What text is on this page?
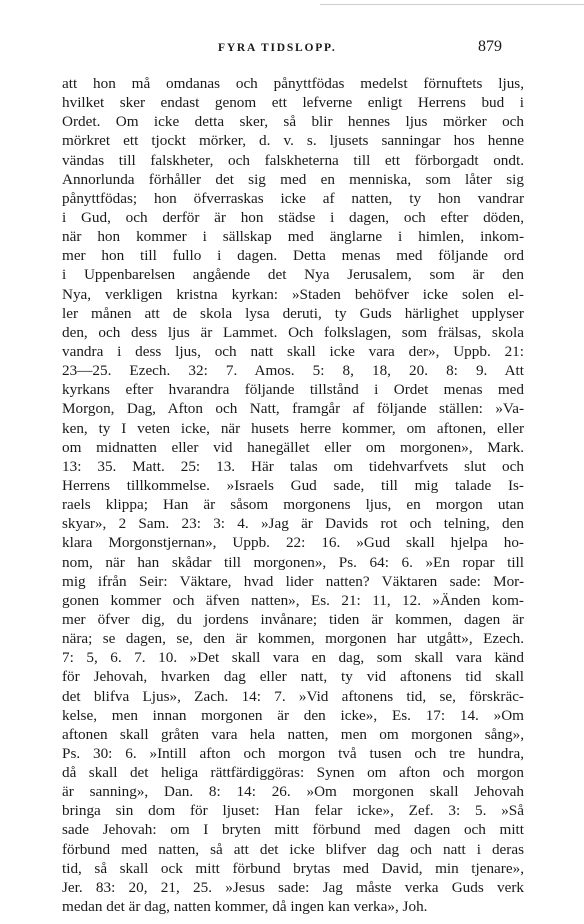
FYRA TIDSLOPP.	879
att hon må omdanas och pånyttfödas medelst förnuftets ljus,
hvilket sker endast genom ett lefverne enligt Herrens bud i
Ordet. Om icke detta sker, så blir hennes ljus mörker och
mörkret ett tjockt mörker, d. v. s. ljusets sanningar hos henne
vändas till falskheter, och falskheterna till ett förborgadt ondt.
Annorlunda förhåller det sig med en menniska, som låter sig
pånyttfödas; hon öfverraskas icke af natten, ty hon vandrar
i Gud, och derför är hon städse i dagen, och efter döden,
när hon kommer i sällskap med änglarne i himlen, inkom-
mer hon till fullo i dagen. Detta menas med följande ord
i Uppenbarelsen angående det Nya Jerusalem, som är den
Nya, verkligen kristna kyrkan: »Staden behöfver icke solen el-
ler månen att de skola lysa deruti, ty Guds härlighet upplyser
den, och dess ljus är Lammet. Och folkslagen, som frälsas, skola
vandra i dess ljus, och natt skall icke vara der», Uppb. 21:
23—25. Ezech. 32: 7. Amos. 5: 8, 18, 20. 8: 9. Att
kyrkans efter hvarandra följande tillstånd i Ordet menas med
Morgon, Dag, Afton och Natt, framgår af följande ställen: »Va-
ken, ty I veten icke, när husets herre kommer, om aftonen, eller
om midnatten eller vid hanegället eller om morgonen», Mark.
13: 35. Matt. 25: 13. Här talas om tidehvarfvets slut och
Herrens tillkommelse. »Israels Gud sade, till mig talade Is-
raels klippa; Han är såsom morgonens ljus, en morgon utan
skyar», 2 Sam. 23: 3: 4. »Jag är Davids rot och telning, den
klara Morgonstjernan», Uppb. 22: 16. »Gud skall hjelpa ho-
nom, när han skådar till morgonen», Ps. 64: 6. »En ropar till
mig ifrån Seir: Väktare, hvad lider natten? Väktaren sade: Mor-
gonen kommer och äfven natten», Es. 21: 11, 12. »Änden kom-
mer öfver dig, du jordens invånare; tiden är kommen, dagen är
nära; se dagen, se, den är kommen, morgonen har utgått», Ezech.
7: 5, 6. 7. 10. »Det skall vara en dag, som skall vara känd
för Jehovah, hvarken dag eller natt, ty vid aftonens tid skall
det blifva Ljus», Zach. 14: 7. »Vid aftonens tid, se, förskräc-
kelse, men innan morgonen är den icke», Es. 17: 14. »Om
aftonen skall gråten vara hela natten, men om morgonen sång»,
Ps. 30: 6. »Intill afton och morgon två tusen och tre hundra,
då skall det heliga rättfärdiggöras: Synen om afton och morgon
är sanning», Dan. 8: 14: 26. »Om morgonen skall Jehovah
bringa sin dom för ljuset: Han felar icke», Zef. 3: 5. »Så
sade Jehovah: om I bryten mitt förbund med dagen och mitt
förbund med natten, så att det icke blifver dag och natt i deras
tid, så skall ock mitt förbund brytas med David, min tjenare»,
Jer. 83: 20, 21, 25. »Jesus sade: Jag måste verka Guds verk
medan det är dag, natten kommer, då ingen kan verka», Joh.
